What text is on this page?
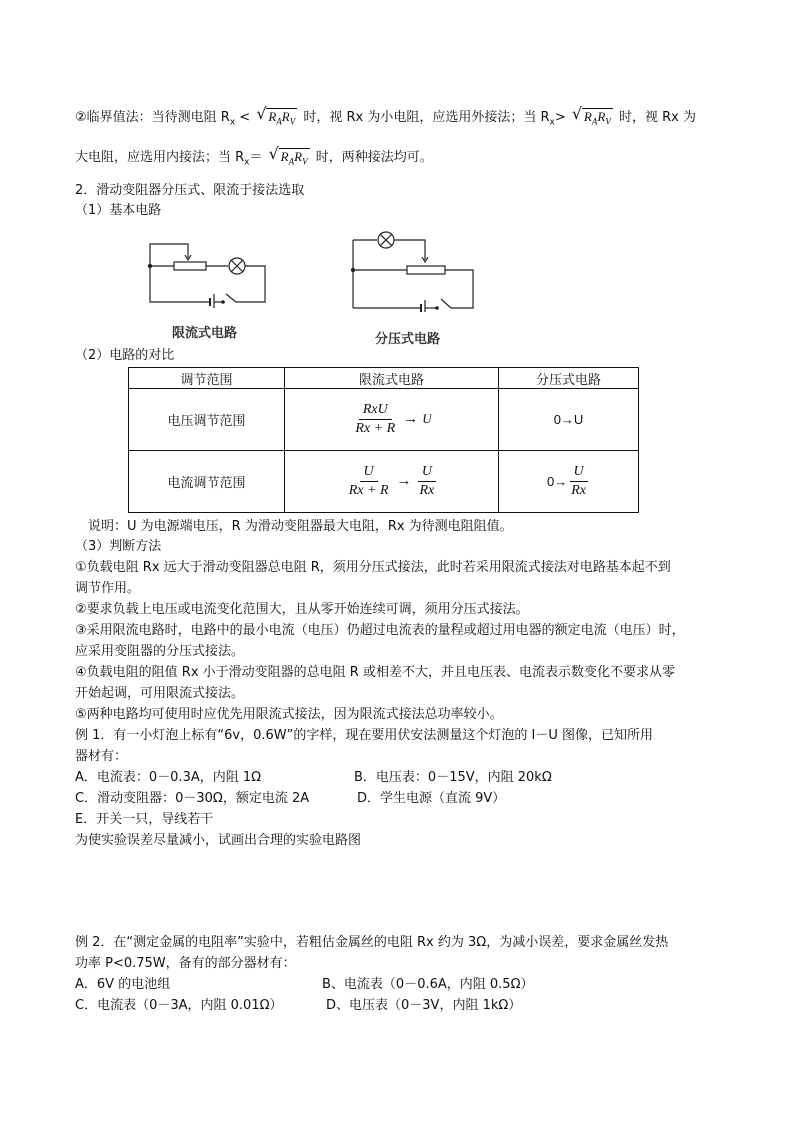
②临界值法：当待测电阻 $R_x$ < √ $R_AR_V$ 时，视 Rx 为小电阻，应选用外接法；当 $R_x>$ √ $R_AR_V$ 时，视 Rx 为
大电阻，应选用内接法；当 $R_x=$ √ $R_AR_V$ 时，两种接法均可。
2．滑动变阻器分压式、限流于接法选取
（1）基本电路
限流式电路	分压式电路
（2）电路的对比
调节范围	限流式电路	分压式电路
电压调节范围	$\frac{\text{RxU}}{Rx + R} \to U$	0→U
电流调节范围	$\frac{U}{Rx + R} \to \frac{U}{Rx}$	$0\to \frac{U}{Rx}$
说明：U 为电源端电压，R 为滑动变阻器最大电阻，Rx 为待测电阻阻值。
（3）判断方法
①负载电阻 Rx 远大于滑动变阻器总电阻 R，须用分压式接法，此时若采用限流式接法对电路基本起不到
调节作用。
②要求负载上电压或电流变化范围大，且从零开始连续可调，须用分压式接法。
③采用限流电路时，电路中的最小电流（电压）仍超过电流表的量程或超过用电器的额定电流（电压）时，
应采用变阻器的分压式接法。
④负载电阻的阻值 Rx 小于滑动变阻器的总电阻 R 或相差不大，并且电压表、电流表示数变化不要求从零
开始起调，可用限流式接法。
⑤两种电路均可使用时应优先用限流式接法，因为限流式接法总功率较小。
例 1．有一小灯泡上标有“6v，0.6W”的字样，现在要用伏安法测量这个灯泡的 I－U 图像，已知所用
器材有：
A．电流表：0－0.3A，内阻 1Ω	B．电压表：0－15V，内阻 20kΩ
C．滑动变阻器：0－30Ω，额定电流 2A	D．学生电源（直流 9V）
E．开关一只，导线若干
为使实验误差尽量减小，试画出合理的实验电路图
例 2．在“测定金属的电阻率”实验中，若粗估金属丝的电阻 Rx 约为 3Ω，为减小误差，要求金属丝发热
功率 P<0.75W，备有的部分器材有：
A．6V 的电池组	B、电流表（0－0.6A，内阻 0.5Ω）
C．电流表（0－3A，内阻 0.01Ω）	D、电压表（0－3V，内阻 1kΩ）
